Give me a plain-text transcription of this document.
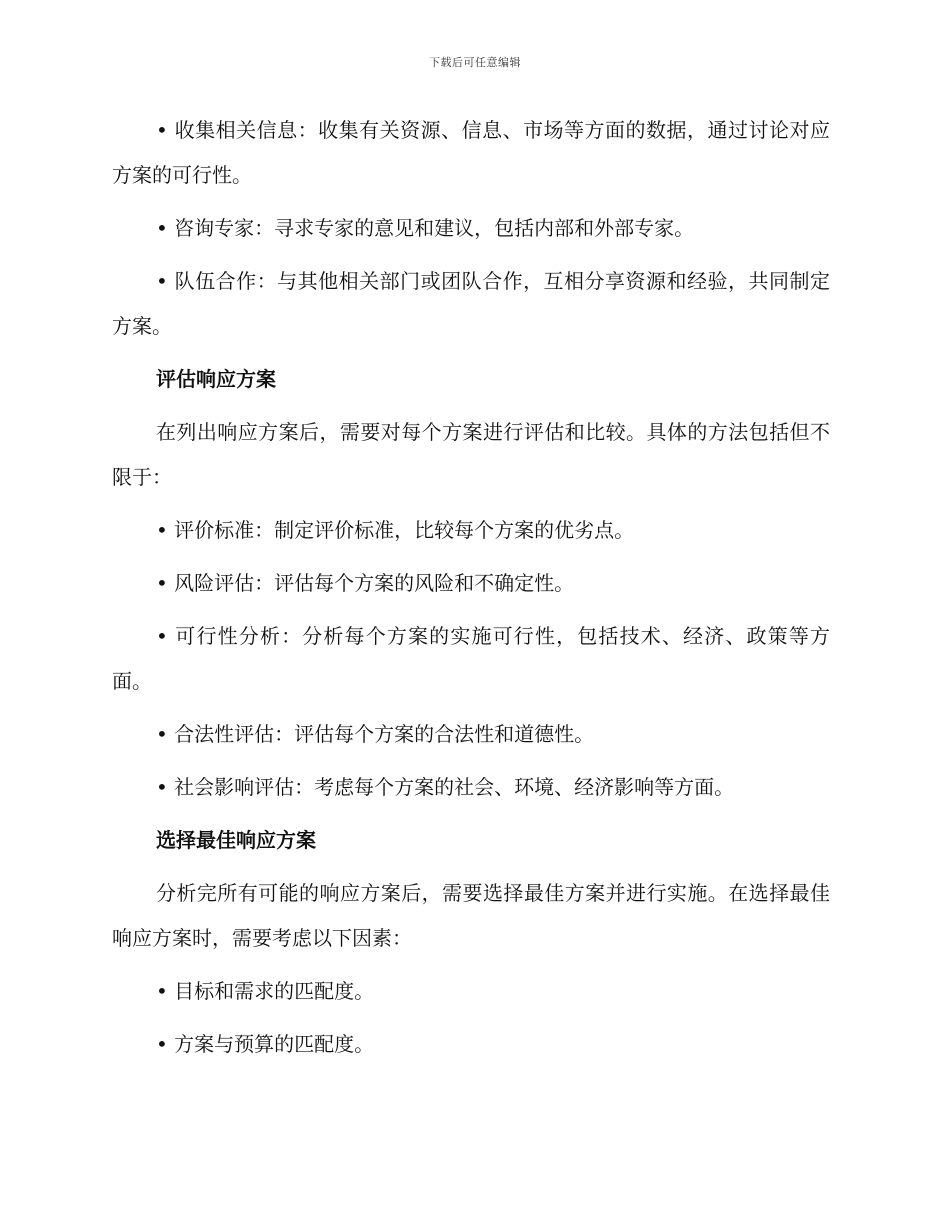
下载后可任意编辑

• 收集相关信息：收集有关资源、信息、市场等方面的数据，通过讨论对应方案的可行性。

• 咨询专家：寻求专家的意见和建议，包括内部和外部专家。

• 队伍合作：与其他相关部门或团队合作，互相分享资源和经验，共同制定方案。

评估响应方案

在列出响应方案后，需要对每个方案进行评估和比较。具体的方法包括但不限于：

• 评价标准：制定评价标准，比较每个方案的优劣点。

• 风险评估：评估每个方案的风险和不确定性。

• 可行性分析：分析每个方案的实施可行性，包括技术、经济、政策等方面。

• 合法性评估：评估每个方案的合法性和道德性。

• 社会影响评估：考虑每个方案的社会、环境、经济影响等方面。

选择最佳响应方案

分析完所有可能的响应方案后，需要选择最佳方案并进行实施。在选择最佳响应方案时，需要考虑以下因素：

• 目标和需求的匹配度。

• 方案与预算的匹配度。
